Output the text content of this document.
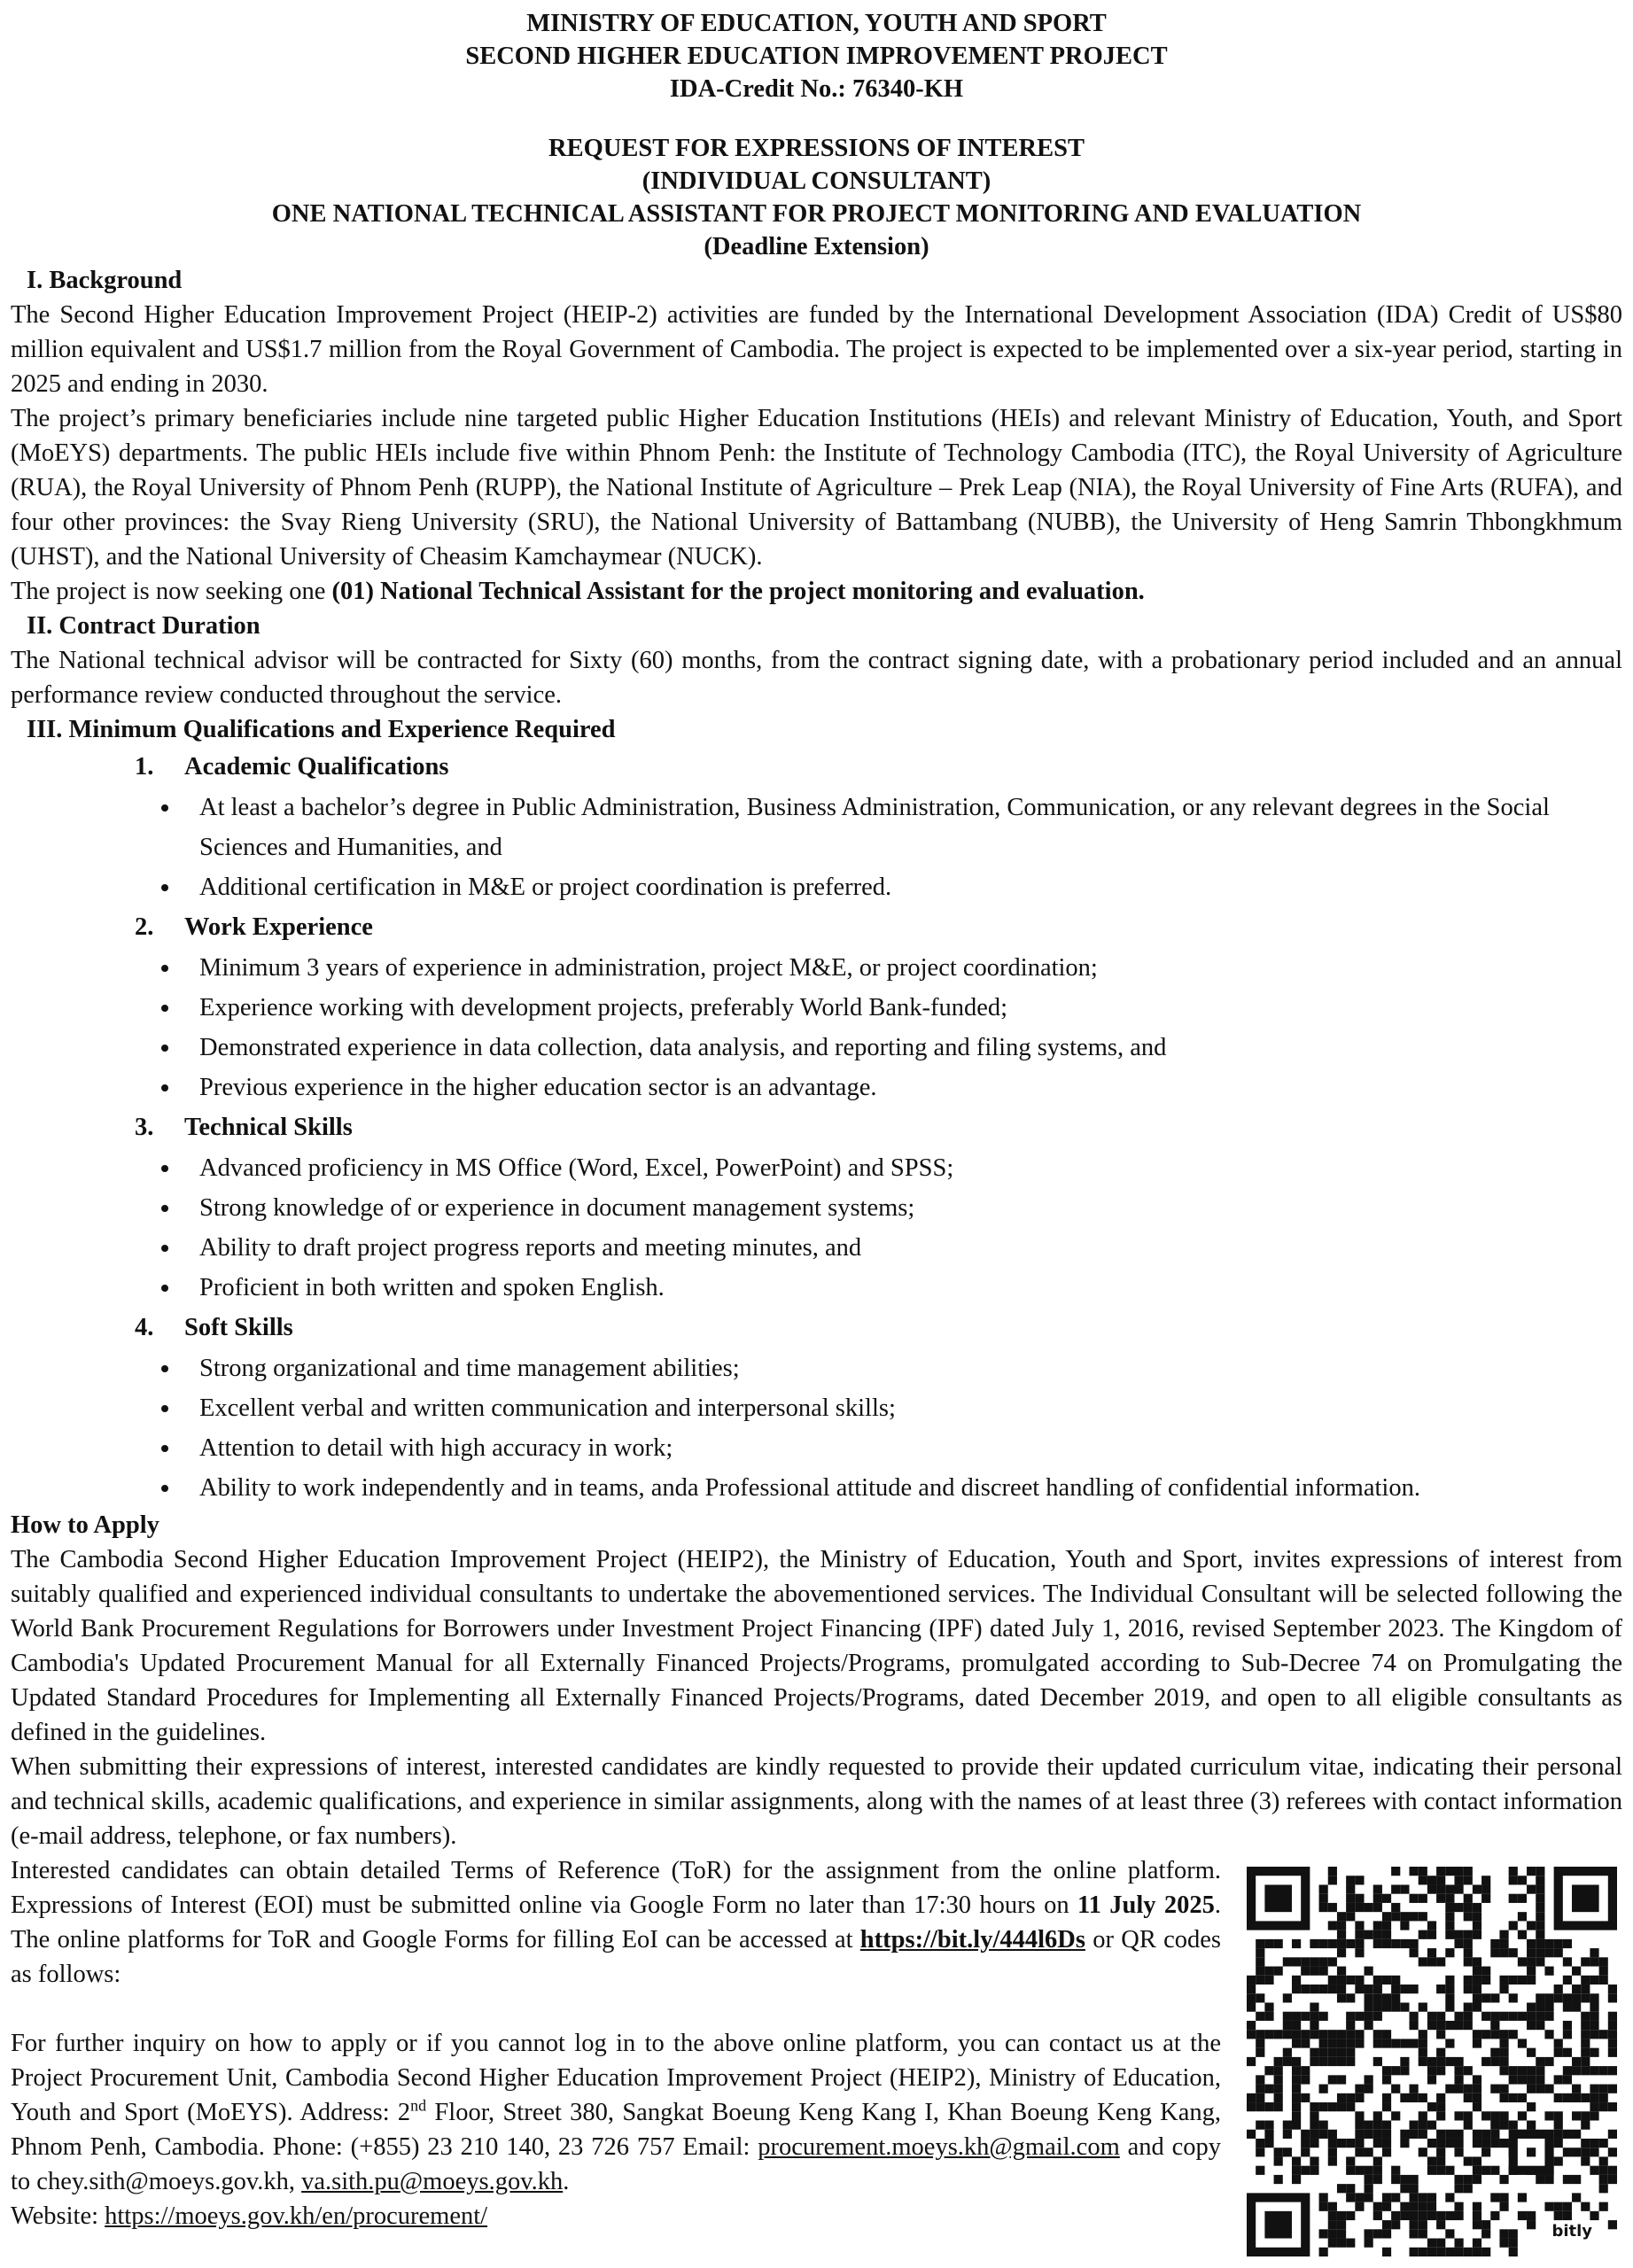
MINISTRY OF EDUCATION, YOUTH AND SPORT
SECOND HIGHER EDUCATION IMPROVEMENT PROJECT
IDA-Credit No.: 76340-KH
REQUEST FOR EXPRESSIONS OF INTEREST
(INDIVIDUAL CONSULTANT)
ONE NATIONAL TECHNICAL ASSISTANT FOR PROJECT MONITORING AND EVALUATION
(Deadline Extension)
I. Background

The Second Higher Education Improvement Project (HEIP-2) activities are funded by the International Development Association (IDA) Credit of US$80 million equivalent and US$1.7 million from the Royal Government of Cambodia. The project is expected to be implemented over a six-year period, starting in 2025 and ending in 2030.

The project’s primary beneficiaries include nine targeted public Higher Education Institutions (HEIs) and relevant Ministry of Education, Youth, and Sport (MoEYS) departments. The public HEIs include five within Phnom Penh: the Institute of Technology Cambodia (ITC), the Royal University of Agriculture (RUA), the Royal University of Phnom Penh (RUPP), the National Institute of Agriculture – Prek Leap (NIA), the Royal University of Fine Arts (RUFA), and four other provinces: the Svay Rieng University (SRU), the National University of Battambang (NUBB), the University of Heng Samrin Thbongkhmum (UHST), and the National University of Cheasim Kamchaymear (NUCK).

The project is now seeking one (01) National Technical Assistant for the project monitoring and evaluation.

II. Contract Duration

The National technical advisor will be contracted for Sixty (60) months, from the contract signing date, with a probationary period included and an annual performance review conducted throughout the service.

III. Minimum Qualifications and Experience Required
1. Academic Qualifications
At least a bachelor’s degree in Public Administration, Business Administration, Communication, or any relevant degrees in the Social Sciences and Humanities, and
Additional certification in M&E or project coordination is preferred.
2. Work Experience
Minimum 3 years of experience in administration, project M&E, or project coordination;
Experience working with development projects, preferably World Bank-funded;
Demonstrated experience in data collection, data analysis, and reporting and filing systems, and
Previous experience in the higher education sector is an advantage.
3. Technical Skills
Advanced proficiency in MS Office (Word, Excel, PowerPoint) and SPSS;
Strong knowledge of or experience in document management systems;
Ability to draft project progress reports and meeting minutes, and
Proficient in both written and spoken English.
4. Soft Skills
Strong organizational and time management abilities;
Excellent verbal and written communication and interpersonal skills;
Attention to detail with high accuracy in work;
Ability to work independently and in teams, anda Professional attitude and discreet handling of confidential information.
How to Apply

The Cambodia Second Higher Education Improvement Project (HEIP2), the Ministry of Education, Youth and Sport, invites expressions of interest from suitably qualified and experienced individual consultants to undertake the abovementioned services. The Individual Consultant will be selected following the World Bank Procurement Regulations for Borrowers under Investment Project Financing (IPF) dated July 1, 2016, revised September 2023. The Kingdom of Cambodia's Updated Procurement Manual for all Externally Financed Projects/Programs, promulgated according to Sub-Decree 74 on Promulgating the Updated Standard Procedures for Implementing all Externally Financed Projects/Programs, dated December 2019, and open to all eligible consultants as defined in the guidelines.

When submitting their expressions of interest, interested candidates are kindly requested to provide their updated curriculum vitae, indicating their personal and technical skills, academic qualifications, and experience in similar assignments, along with the names of at least three (3) referees with contact information (e-mail address, telephone, or fax numbers).

Interested candidates can obtain detailed Terms of Reference (ToR) for the assignment from the online platform. Expressions of Interest (EOI) must be submitted online via Google Form no later than 17:30 hours on 11 July 2025. The online platforms for ToR and Google Forms for filling EoI can be accessed at https://bit.ly/444l6Ds or QR codes as follows:

For further inquiry on how to apply or if you cannot log in to the above online platform, you can contact us at the Project Procurement Unit, Cambodia Second Higher Education Improvement Project (HEIP2), Ministry of Education, Youth and Sport (MoEYS). Address: 2nd Floor, Street 380, Sangkat Boeung Keng Kang I, Khan Boeung Keng Kang, Phnom Penh, Cambodia. Phone: (+855) 23 210 140, 23 726 757 Email: procurement.moeys.kh@gmail.com and copy to chey.sith@moeys.gov.kh, va.sith.pu@moeys.gov.kh.

Website: https://moeys.gov.kh/en/procurement/

bitly
